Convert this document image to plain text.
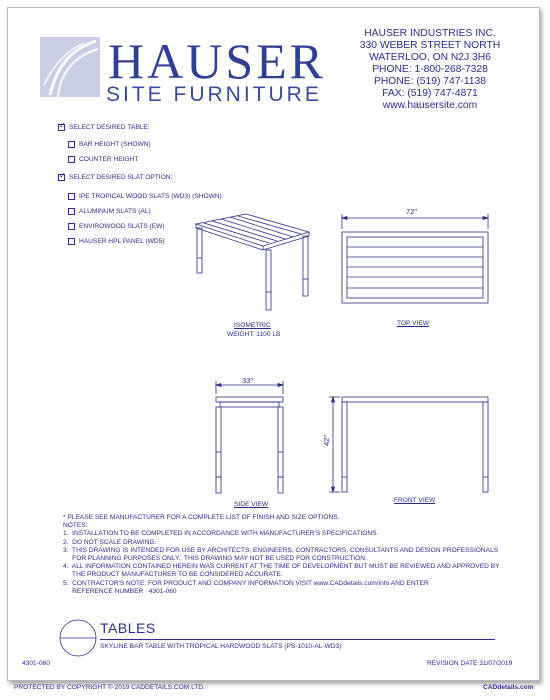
HAUSER
SITE FURNITURE
HAUSER INDUSTRIES INC.
330 WEBER STREET NORTH
WATERLOO, ON N2J 3H6
PHONE: 1-800-268-7328
PHONE: (519) 747-1138
FAX: (519) 747-4871
www.hausersite.com
✓
SELECT DESIRED TABLE:
BAR HEIGHT (SHOWN)
COUNTER HEIGHT
✓
SELECT DESIRED SLAT OPTION:
IPE TROPICAL WOOD SLATS (WD3) (SHOWN)
ALUMINUM SLATS (AL)
ENVIROWOOD SLATS (EW)
HAUSER HPL PANEL (WD5)
ISOMETRIC
WEIGHT: 1100 LB
TOP VIEW
72"
33"
42"
SIDE VIEW
FRONT VIEW
* PLEASE SEE MANUFACTURER FOR A COMPLETE LIST OF FINISH AND SIZE OPTIONS.
NOTES:
1.  INSTALLATION TO BE COMPLETED IN ACCORDANCE WITH MANUFACTURER'S SPECIFICATIONS.
2.  DO NOT SCALE DRAWING.
3.  THIS DRAWING IS INTENDED FOR USE BY ARCHITECTS, ENGINEERS, CONTRACTORS, CONSULTANTS AND DESIGN PROFESSIONALS
FOR PLANNING PURPOSES ONLY.  THIS DRAWING MAY NOT BE USED FOR CONSTRUCTION.
4.  ALL INFORMATION CONTAINED HEREIN WAS CURRENT AT THE TIME OF DEVELOPMENT BUT MUST BE REVIEWED AND APPROVED BY
THE PRODUCT MANUFACTURER TO BE CONSIDERED ACCURATE.
5.  CONTRACTOR'S NOTE: FOR PRODUCT AND COMPANY INFORMATION VISIT www.CADdetails.com/info AND ENTER
REFERENCE NUMBER   4301-060
TABLES
SKYLINE BAR TABLE WITH TROPICAL HARDWOOD SLATS (PS-1010-AL-WD3)
4301-060	REVISION DATE 31/07/2019
PROTECTED BY COPYRIGHT © 2019 CADDETAILS.COM LTD.	CADdetails.com
